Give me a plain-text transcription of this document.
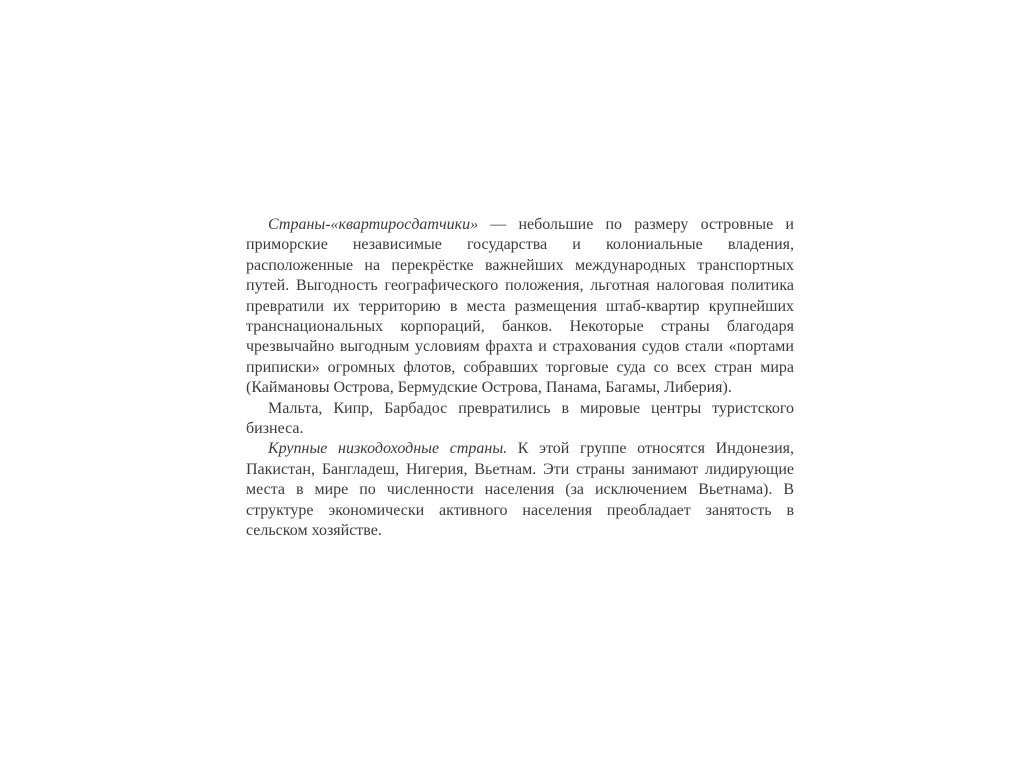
Страны-«квартиросдатчики» — небольшие по размеру островные и приморские независимые государства и колониальные владения, расположенные на перекрёстке важнейших международных транспортных путей. Выгодность географического положения, льготная налоговая политика превратили их территорию в места размещения штаб-квартир крупнейших транснациональных корпораций, банков. Некоторые страны благодаря чрезвычайно выгодным условиям фрахта и страхования судов стали «портами приписки» огромных флотов, собравших торговые суда со всех стран мира (Каймановы Острова, Бермудские Острова, Панама, Багамы, Либерия).

Мальта, Кипр, Барбадос превратились в мировые центры туристского бизнеса.

Крупные низкодоходные страны. К этой группе относятся Индонезия, Пакистан, Бангладеш, Нигерия, Вьетнам. Эти страны занимают лидирующие места в мире по численности населения (за исключением Вьетнама). В структуре экономически активного населения преобладает занятость в сельском хозяйстве.
